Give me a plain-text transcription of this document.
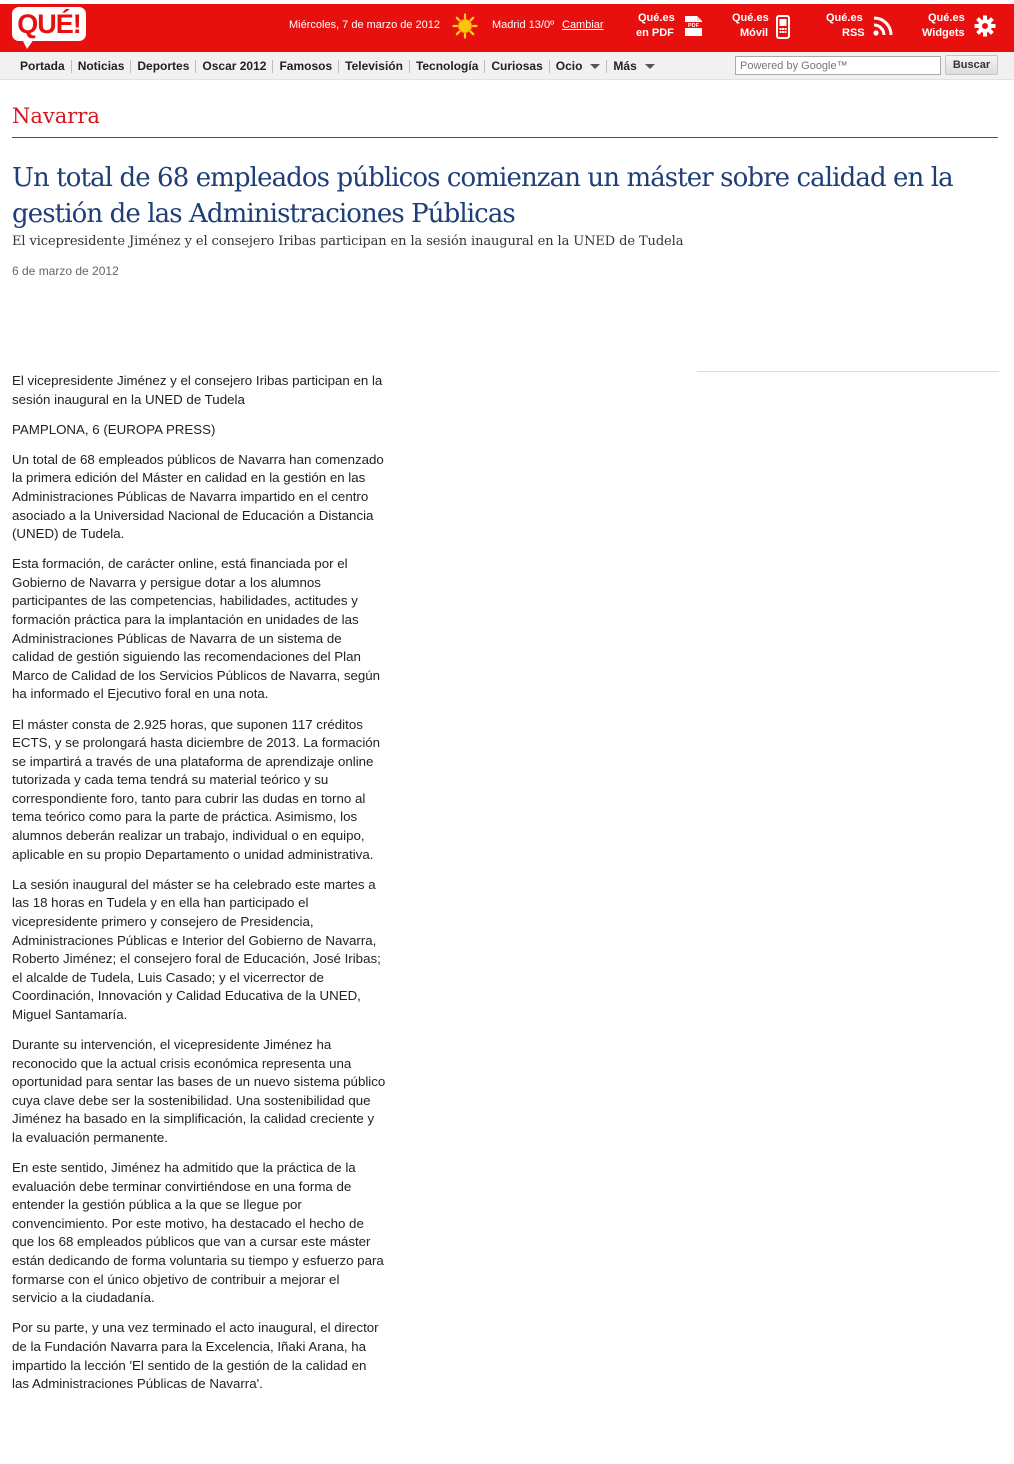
QUÉ!	Miércoles, 7 de marzo de 2012	Madrid 13/0º Cambiar
Qué.es
en PDF
PDF
Qué.es
Móvil
Qué.es
RSS
Qué.es
Widgets
Portada	Noticias	Deportes	Oscar 2012	Famosos	Televisión	Tecnología	Curiosas	Ocio	Más
Powered by Google™	Buscar
Navarra
Un total de 68 empleados públicos comienzan un máster sobre calidad en la gestión de las Administraciones Públicas
El vicepresidente Jiménez y el consejero Iribas participan en la sesión inaugural en la UNED de Tudela
6 de marzo de 2012

El vicepresidente Jiménez y el consejero Iribas participan en la sesión inaugural en la UNED de Tudela

PAMPLONA, 6 (EUROPA PRESS)

Un total de 68 empleados públicos de Navarra han comenzado la primera edición del Máster en calidad en la gestión en las Administraciones Públicas de Navarra impartido en el centro asociado a la Universidad Nacional de Educación a Distancia (UNED) de Tudela.

Esta formación, de carácter online, está financiada por el Gobierno de Navarra y persigue dotar a los alumnos participantes de las competencias, habilidades, actitudes y formación práctica para la implantación en unidades de las Administraciones Públicas de Navarra de un sistema de calidad de gestión siguiendo las recomendaciones del Plan Marco de Calidad de los Servicios Públicos de Navarra, según ha informado el Ejecutivo foral en una nota.

El máster consta de 2.925 horas, que suponen 117 créditos ECTS, y se prolongará hasta diciembre de 2013. La formación se impartirá a través de una plataforma de aprendizaje online tutorizada y cada tema tendrá su material teórico y su correspondiente foro, tanto para cubrir las dudas en torno al tema teórico como para la parte de práctica. Asimismo, los alumnos deberán realizar un trabajo, individual o en equipo, aplicable en su propio Departamento o unidad administrativa.

La sesión inaugural del máster se ha celebrado este martes a las 18 horas en Tudela y en ella han participado el vicepresidente primero y consejero de Presidencia, Administraciones Públicas e Interior del Gobierno de Navarra, Roberto Jiménez; el consejero foral de Educación, José Iribas; el alcalde de Tudela, Luis Casado; y el vicerrector de Coordinación, Innovación y Calidad Educativa de la UNED, Miguel Santamaría.

Durante su intervención, el vicepresidente Jiménez ha reconocido que la actual crisis económica representa una oportunidad para sentar las bases de un nuevo sistema público cuya clave debe ser la sostenibilidad. Una sostenibilidad que Jiménez ha basado en la simplificación, la calidad creciente y la evaluación permanente.

En este sentido, Jiménez ha admitido que la práctica de la evaluación debe terminar convirtiéndose en una forma de entender la gestión pública a la que se llegue por convencimiento. Por este motivo, ha destacado el hecho de que los 68 empleados públicos que van a cursar este máster están dedicando de forma voluntaria su tiempo y esfuerzo para formarse con el único objetivo de contribuir a mejorar el servicio a la ciudadanía.

Por su parte, y una vez terminado el acto inaugural, el director de la Fundación Navarra para la Excelencia, Iñaki Arana, ha impartido la lección 'El sentido de la gestión de la calidad en las Administraciones Públicas de Navarra'.
